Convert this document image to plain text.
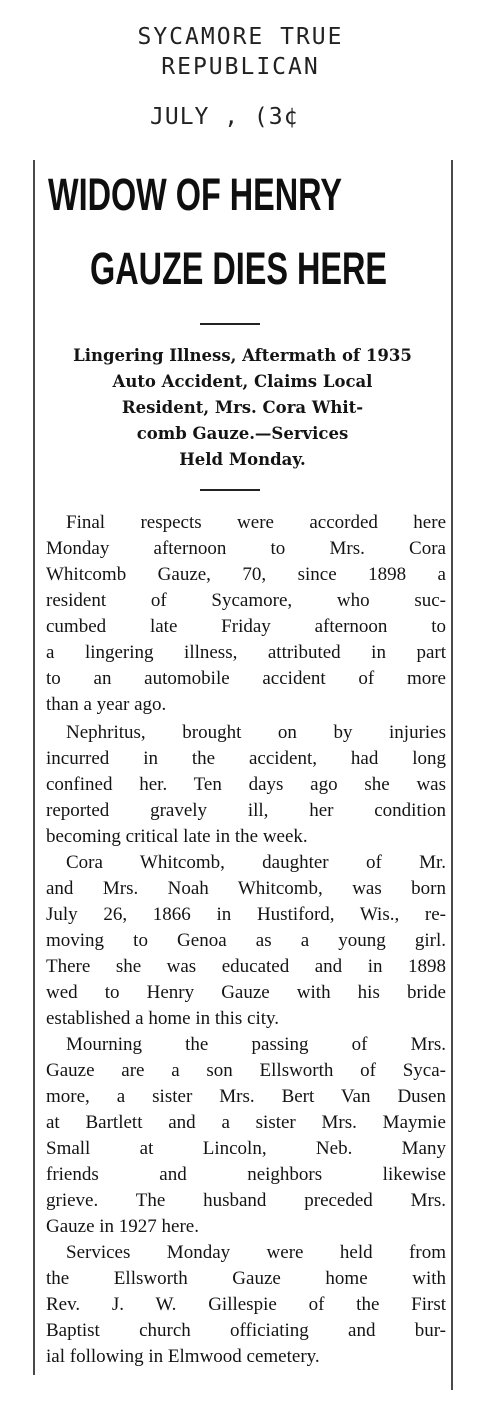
SYCAMORE TRUE
REPUBLICAN
JULY , (3¢
WIDOW OF HENRY
GAUZE DIES HERE
Lingering Illness, Aftermath of 1935
Auto Accident, Claims Local
Resident, Mrs. Cora Whit-
comb Gauze.—Services
Held Monday.
Final respects were accorded here
Monday afternoon to Mrs. Cora
Whitcomb Gauze, 70, since 1898 a
resident of Sycamore, who suc-
cumbed late Friday afternoon to
a lingering illness, attributed in part
to an automobile accident of more
than a year ago.
Nephritus, brought on by injuries
incurred in the accident, had long
confined her. Ten days ago she was
reported gravely ill, her condition
becoming critical late in the week.
Cora Whitcomb, daughter of Mr.
and Mrs. Noah Whitcomb, was born
July 26, 1866 in Hustiford, Wis., re-
moving to Genoa as a young girl.
There she was educated and in 1898
wed to Henry Gauze with his bride
established a home in this city.
Mourning the passing of Mrs.
Gauze are a son Ellsworth of Syca-
more, a sister Mrs. Bert Van Dusen
at Bartlett and a sister Mrs. Maymie
Small at Lincoln, Neb. Many
friends and neighbors likewise
grieve. The husband preceded Mrs.
Gauze in 1927 here.
Services Monday were held from
the Ellsworth Gauze home with
Rev. J. W. Gillespie of the First
Baptist church officiating and bur-
ial following in Elmwood cemetery.
